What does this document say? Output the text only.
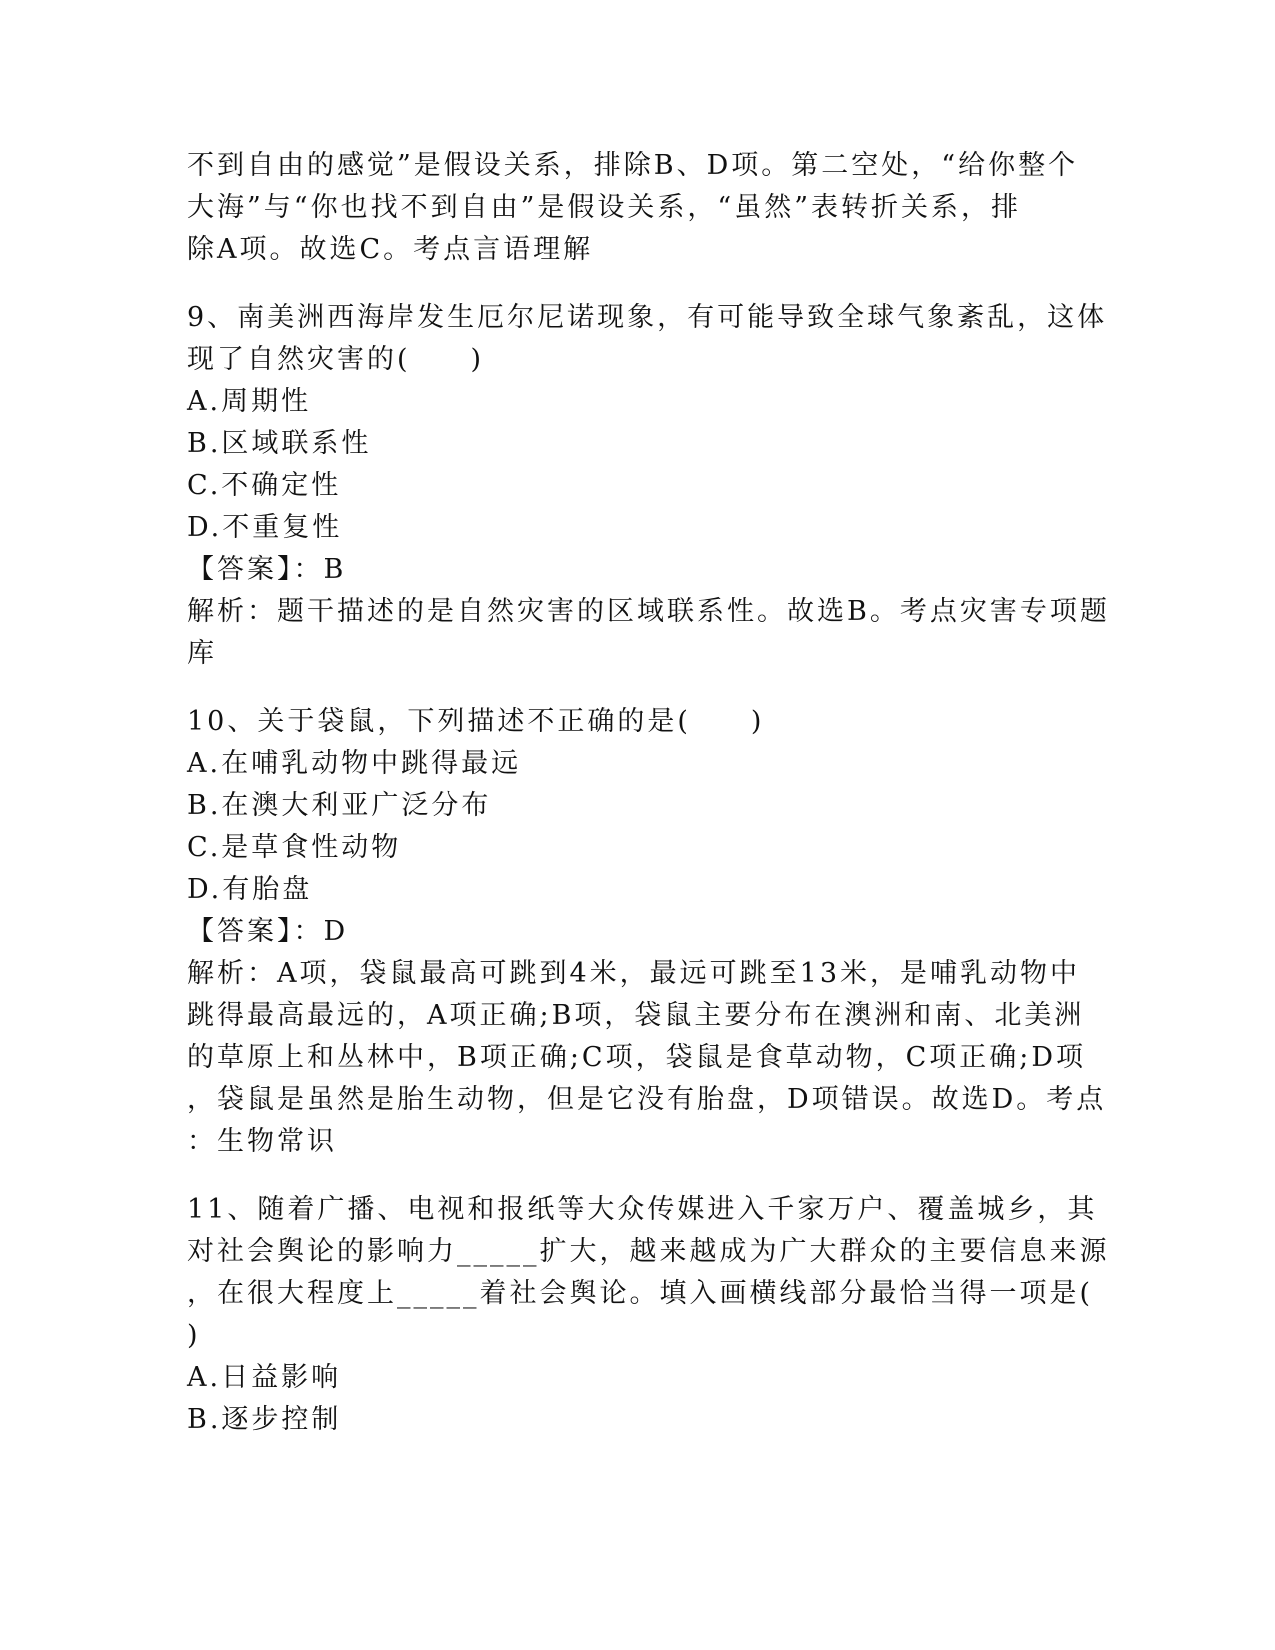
不到自由的感觉”是假设关系，排除B、D项。第二空处，“给你整个
大海”与“你也找不到自由”是假设关系，“虽然”表转折关系，排
除A项。故选C。考点言语理解
9、南美洲西海岸发生厄尔尼诺现象，有可能导致全球气象紊乱，这体
现了自然灾害的(　　)
A.周期性
B.区域联系性
C.不确定性
D.不重复性
【答案】：B
解析：题干描述的是自然灾害的区域联系性。故选B。考点灾害专项题
库
10、关于袋鼠，下列描述不正确的是(　　)
A.在哺乳动物中跳得最远
B.在澳大利亚广泛分布
C.是草食性动物
D.有胎盘
【答案】：D
解析：A项，袋鼠最高可跳到4米，最远可跳至13米，是哺乳动物中
跳得最高最远的，A项正确;B项，袋鼠主要分布在澳洲和南、北美洲
的草原上和丛林中，B项正确;C项，袋鼠是食草动物，C项正确;D项
，袋鼠是虽然是胎生动物，但是它没有胎盘，D项错误。故选D。考点
：生物常识
11、随着广播、电视和报纸等大众传媒进入千家万户、覆盖城乡，其
对社会舆论的影响力_____扩大，越来越成为广大群众的主要信息来源
，在很大程度上_____着社会舆论。填入画横线部分最恰当得一项是(
)
A.日益影响
B.逐步控制
